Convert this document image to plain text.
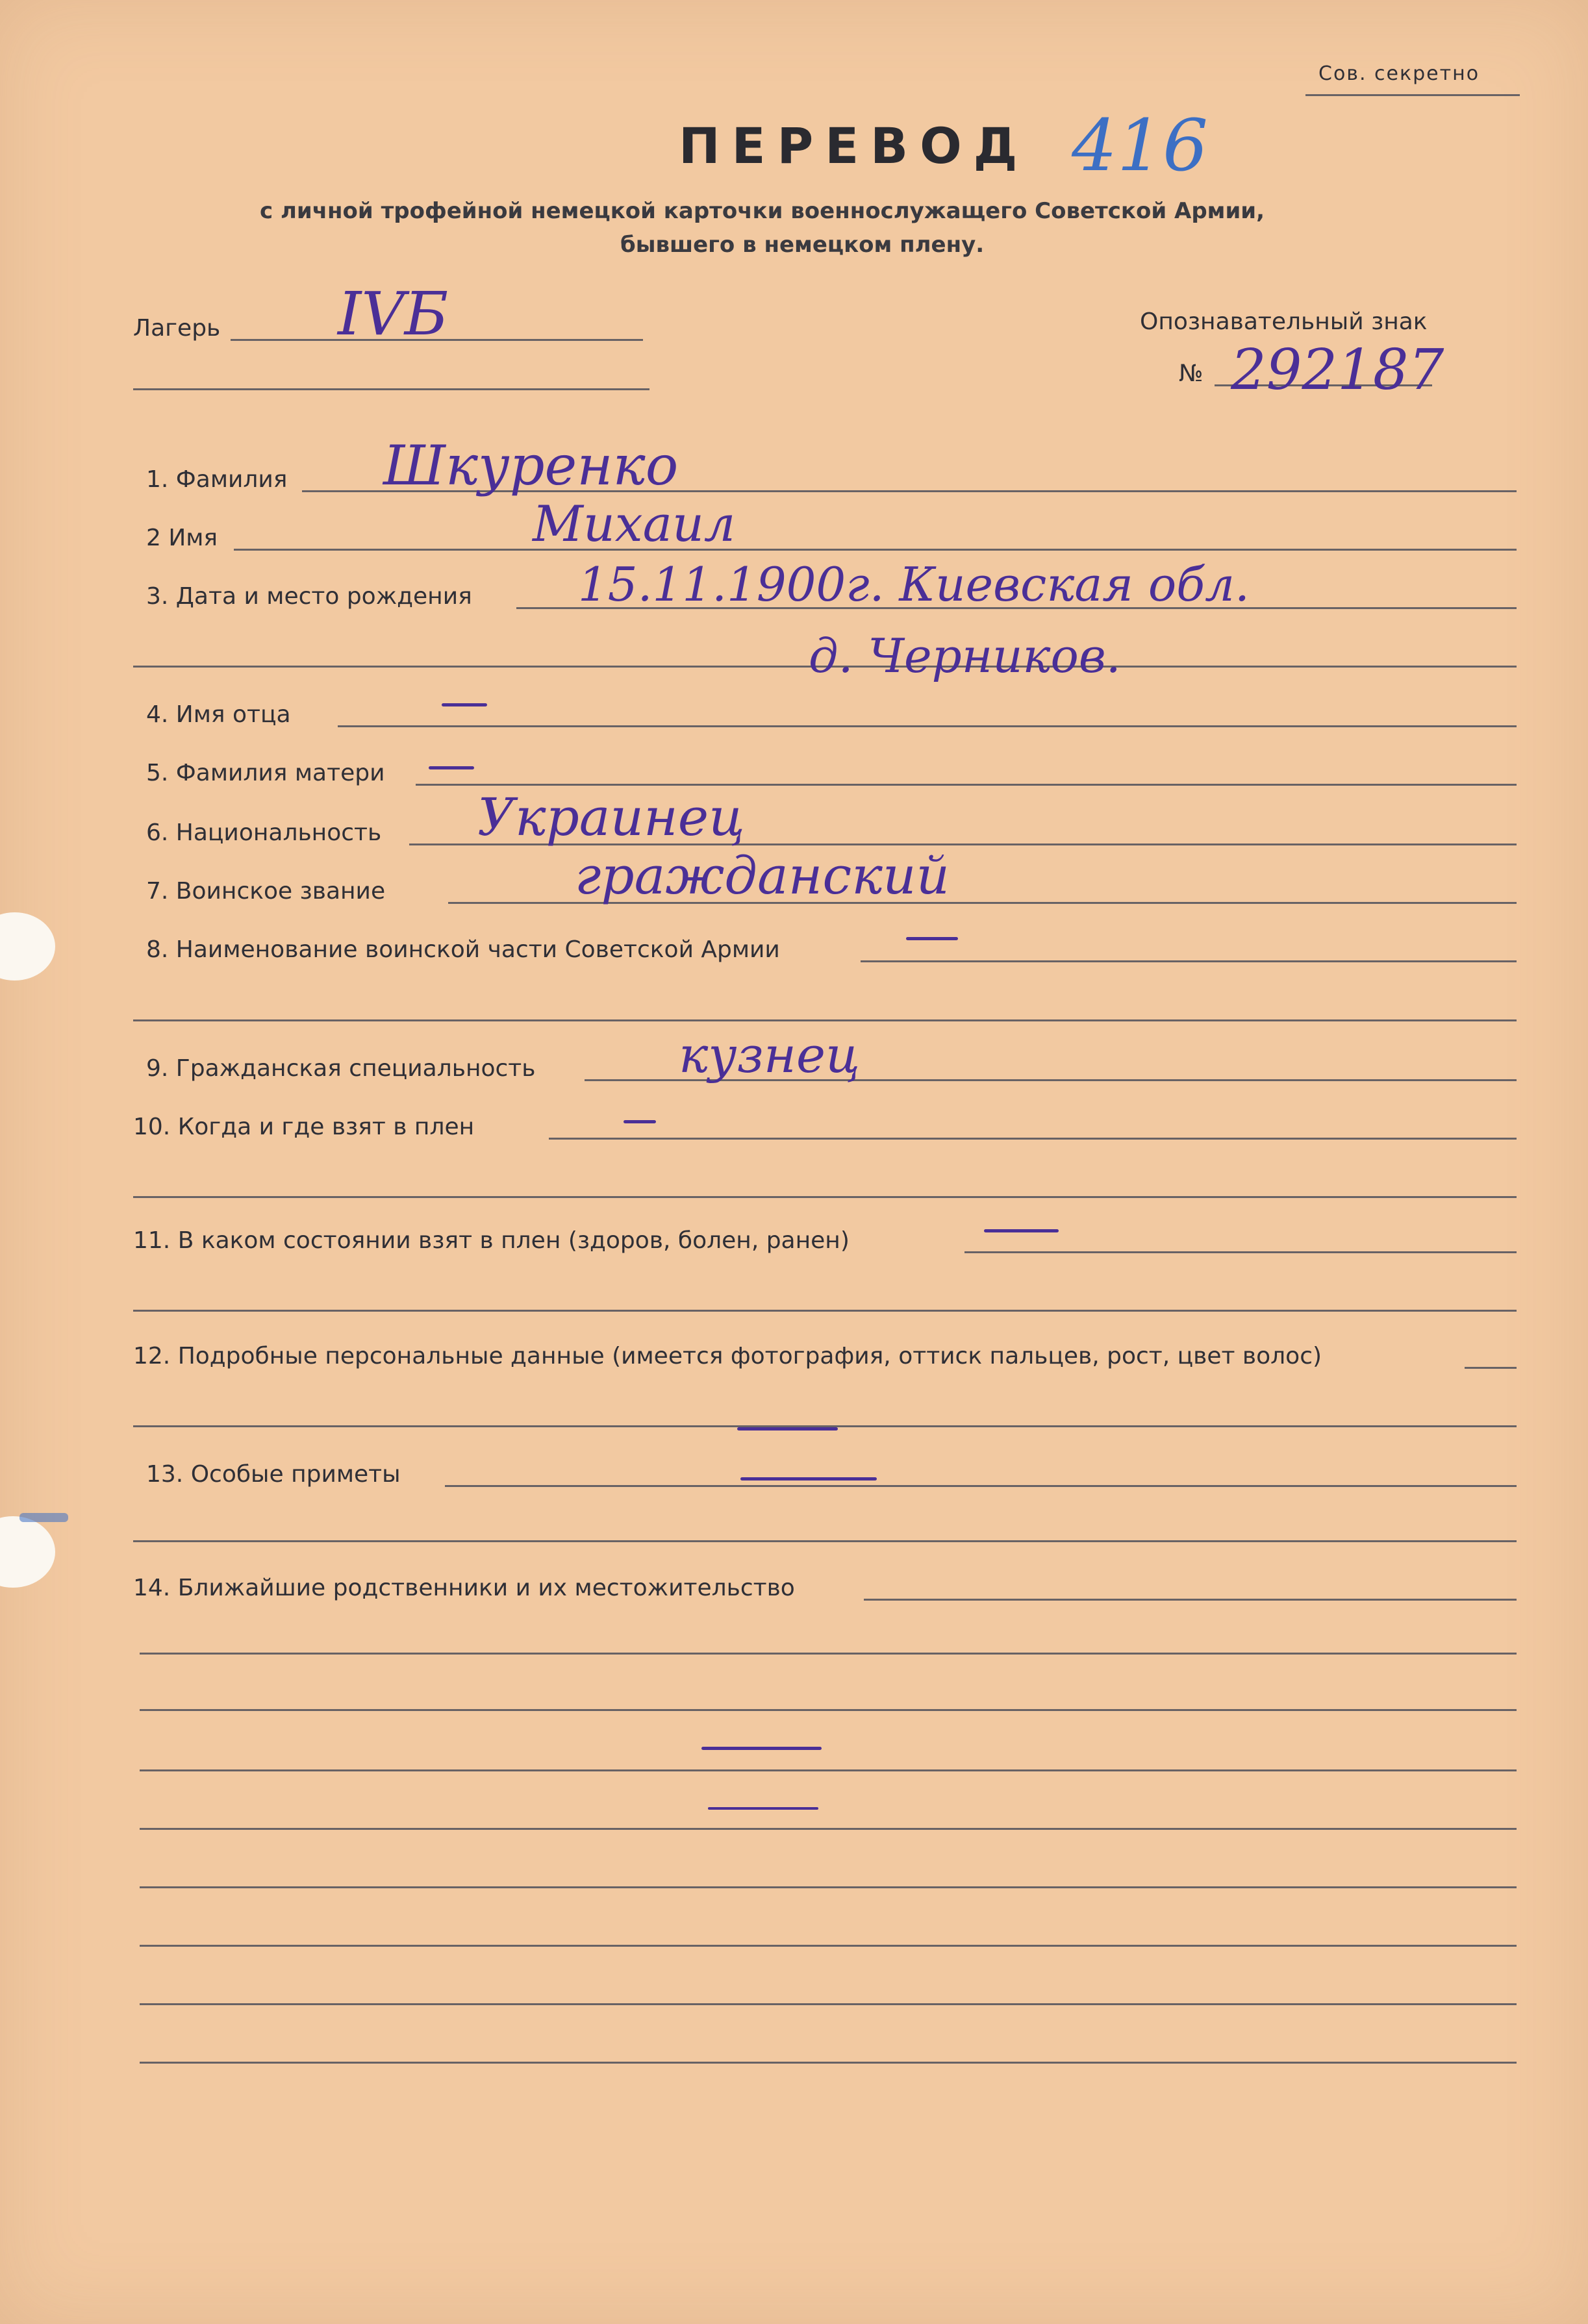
Сов. секретно
ПЕРЕВОД 416
с личной трофейной немецкой карточки военнослужащего Советской Армии,
бывшего в немецком плену.
Лагерь IVБ	Опознавательный знак
№ 292187
1. Фамилия Шкуренко
2 Имя	Михаил
3. Дата и место рождения 15.11.1900г. Киевская обл.
д. Черников.
4. Имя отца
5. Фамилия матери
6. Национальность Украинец
7. Воинское звание	гражданский
8. Наименование воинской части Советской Армии
9. Гражданская специальность	кузнец
10. Когда и где взят в плен
11. В каком состоянии взят в плен (здоров, болен, ранен)
12. Подробные персональные данные (имеется фотография, оттиск пальцев, рост, цвет волос)
13. Особые приметы
14. Ближайшие родственники и их местожительство
